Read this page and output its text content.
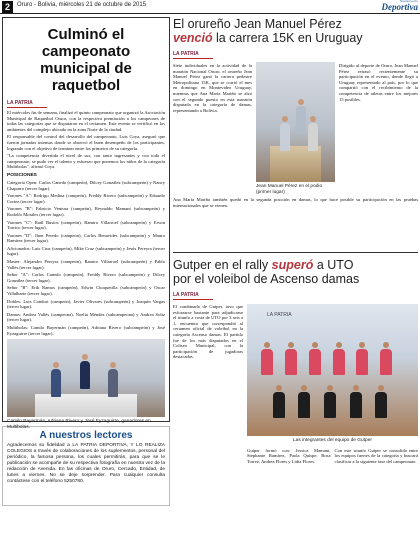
2	Oruro - Bolivia, miércoles 21 de octubre de 2015
Suplemento
Deportiva
Culminó el campeonato municipal de raquetbol
LA PATRIA

El miércoles fin de semana, finalizó el quinto campeonato que organizó la Asociación Municipal de Raquetbol Oruro, con la respectiva premiación a los campeones de todas las categorías que se disputaron en el certamen. Este evento se vertificó en los ambientes del complejo ubicado en la zona Norte de la ciudad.

El responsable del control del desarrollo del campeonato, Luis Coya, aseguró que fueron jornadas intensas donde se observó el buen desempeño de los participantes, logrando con el objetivo de terminar entre los primeros de su categoría.

"La competencia divertida el nivel de sus, con tanto ingresantes y con todo el campeonato; se pudo ver el talento y esfuerzo que ponemos los niños de la categoría Multibolas", afirmó Coya.

POSICIONES

Categoría Open: Carlos Canedo (campeón), Dilcey González (subcampeón) y Nancy Chaparro (tercer lugar).

Varones "A": Rodrigo Medina (campeón), Freddy Rivero (subcampeón) y Eduardo Cortez (tercer lugar).

Varones "B": Fabricio Ventura (campeón), Reynaldo Mamani (subcampeón) y Rodolfo Morales (tercer lugar).

Varones "C": Raúl Bustos (campeón), Ramiro Villarroel (subcampeón) y Erwin Torrico (tercer lugar).

Varones "D": Jhon Peredo (campeón), Carlos Benavides (subcampeón) y Mauro Ramírez (tercer lugar).

Aficionados: Luis Cruz (campeón), Mike Cruz (subcampeón) y Jesús Pereyra (tercer lugar).

Master: Alejandro Pereyra (campeón), Ramiro Villarroel (subcampeón) y Pablo Vallés (tercer lugar).

Señor "A": Carlos Canedo (campeón), Freddy Rivero (subcampeón) y Dilcey González (tercer lugar).

Señor "B": Erik Ramos (campeón), Edwin Choquetilla (subcampeón) y Oscar Villalbarte (tercer lugar).

Dobles: Luis Condori (campeón), Javier Olivares (subcampeón) y Joaquín Vargas (tercer lugar).

Damas: Andrea Vallés (campeona), Noelia Méndez (subcampeona) y Andrea Soliz (tercer lugar).

Multibolas: Camilo Bayermán (campeón), Adriana Rivero (subcampeón) y José Eyzaguirre (tercer lugar).

Camilo Bayermán, Adriana Rivero y José Eyzaguirre, ganadores en Multibolas.
A nuestros lectores

Agradecemos su fidelidad a LA PATRIA DEPORTIVA, Y LO REALIZA COLEGIOS a través de colaboraciones de los suplementos, personal del periódico, la famosa persona, los cuales permitirán, para que se le publicación se acompañe de su respectiva fotografía en nuestra vez de la redacción de Avenida. En las oficinas de Oruro, Cercado, Entidad, de lunes a viernes. No se deje sorprender. Para cualquier consulta contáctese con el teléfono 5250780.

El orureño Jean Manuel Pérez
venció la carrera 15K en Uruguay
LA PATRIA

Siete individuales en la actividad de la maratón Nacional Oruro, el orureño Jean Manuel Pérez ganó la carrera pedestre Metropolitana 15K, que se corrió el mes en domingo en Montevideo Uruguay, mientras que Ana María Mariño se alzó con el segundo puesto en esta maratón disputada en la categoría de damas, representando a Bolivia.

Jean Manuel Pérez en el podio (primer lugar)

Dirigido al deporte de Oruro, Jean Manuel Pérez retrasó recientemente su participación en el evento, donde llegó a Uruguay representado al país, por lo que compartió con el recibimiento de la competencia de atletas entre los mejores 15 posibles.

Ana María Mariño también quedó en la segunda posición en damas, lo que hace posible su participación en las pruebas internacionales que se vienen.

Gutper en el rally superó a UTO
por el voleibol de Ascenso damas
LA PATRIA

El combinado de Gutper, tuvo que esforzarse bastante para adjudicarse el triunfo a costa de UTO por 3 sets a 1, encuentro que correspondió al certamen oficial de voleibol en la categoría Ascenso damas. El partido fue de los más disputados en el Coliseo Municipal, con la participación de jugadoras destacadas.

LA PATRIA
Las integrantes del equipo de Gutper

Gutper formó con: Jessica Mamani, Stephanie Ramírez, Paola Quispe, Rosa Torrez, Andrea Flores y Lidia Flores.

Con este triunfo Gutper se consolida entre los equipos fuertes de la categoría y buscará clasificar a la siguiente fase del campeonato.
